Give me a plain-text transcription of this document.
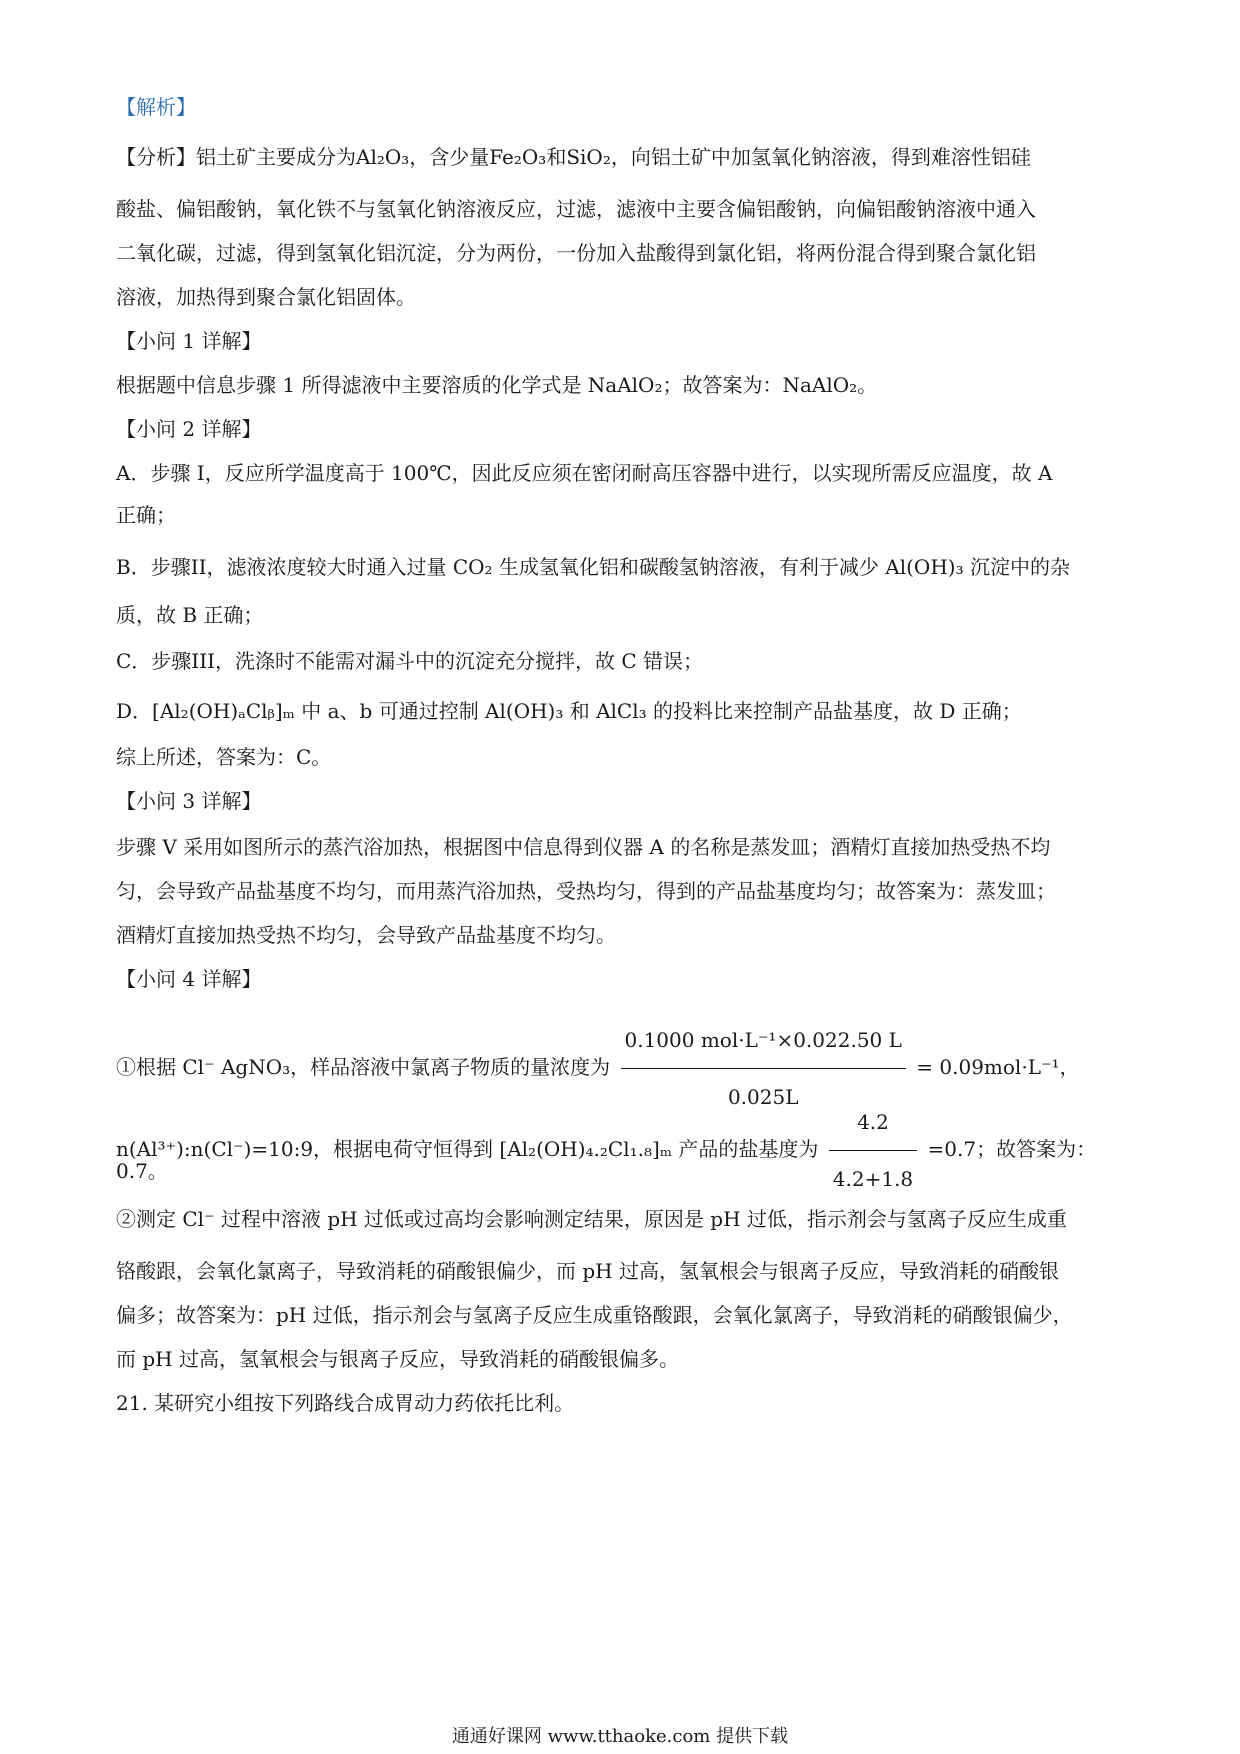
【解析】
【分析】铝土矿主要成分为Al₂O₃，含少量Fe₂O₃和SiO₂，向铝土矿中加氢氧化钠溶液，得到难溶性铝硅
酸盐、偏铝酸钠，氧化铁不与氢氧化钠溶液反应，过滤，滤液中主要含偏铝酸钠，向偏铝酸钠溶液中通入
二氧化碳，过滤，得到氢氧化铝沉淀，分为两份，一份加入盐酸得到氯化铝，将两份混合得到聚合氯化铝
溶液，加热得到聚合氯化铝固体。
【小问 1 详解】
根据题中信息步骤 1 所得滤液中主要溶质的化学式是 NaAlO₂；故答案为：NaAlO₂。
【小问 2 详解】
A．步骤 I，反应所学温度高于 100℃，因此反应须在密闭耐高压容器中进行，以实现所需反应温度，故 A
正确；
B．步骤II，滤液浓度较大时通入过量 CO₂ 生成氢氧化铝和碳酸氢钠溶液，有利于减少 Al(OH)₃ 沉淀中的杂
质，故 B 正确；
C．步骤III，洗涤时不能需对漏斗中的沉淀充分搅拌，故 C 错误；
D．[Al₂(OH)ₐClᵦ]ₘ 中 a、b 可通过控制 Al(OH)₃ 和 AlCl₃ 的投料比来控制产品盐基度，故 D 正确；
综上所述，答案为：C。
【小问 3 详解】
步骤 V 采用如图所示的蒸汽浴加热，根据图中信息得到仪器 A 的名称是蒸发皿；酒精灯直接加热受热不均
匀，会导致产品盐基度不均匀，而用蒸汽浴加热，受热均匀，得到的产品盐基度均匀；故答案为：蒸发皿；
酒精灯直接加热受热不均匀，会导致产品盐基度不均匀。
【小问 4 详解】
①根据 Cl⁻ AgNO₃，样品溶液中氯离子物质的量浓度为 $\frac{\text{0.1000 mol·L⁻¹×0.022.50 L}}{0.025L} = 0.09mol\cdot L^{-1}$，
n(Al³⁺):n(Cl⁻)=10:9，根据电荷守恒得到 [Al₂(OH)₄.₂Cl₁.₈]ₘ 产品的盐基度为 $\frac{4.2}{4.2+1.8} =0.7$；故答案为：
0.7。
②测定 Cl⁻ 过程中溶液 pH 过低或过高均会影响测定结果，原因是 pH 过低，指示剂会与氢离子反应生成重
铬酸跟，会氧化氯离子，导致消耗的硝酸银偏少，而 pH 过高，氢氧根会与银离子反应，导致消耗的硝酸银
偏多；故答案为：pH 过低，指示剂会与氢离子反应生成重铬酸跟，会氧化氯离子，导致消耗的硝酸银偏少，
而 pH 过高，氢氧根会与银离子反应，导致消耗的硝酸银偏多。
21. 某研究小组按下列路线合成胃动力药依托比利。
通通好课网 www.tthaoke.com 提供下载
